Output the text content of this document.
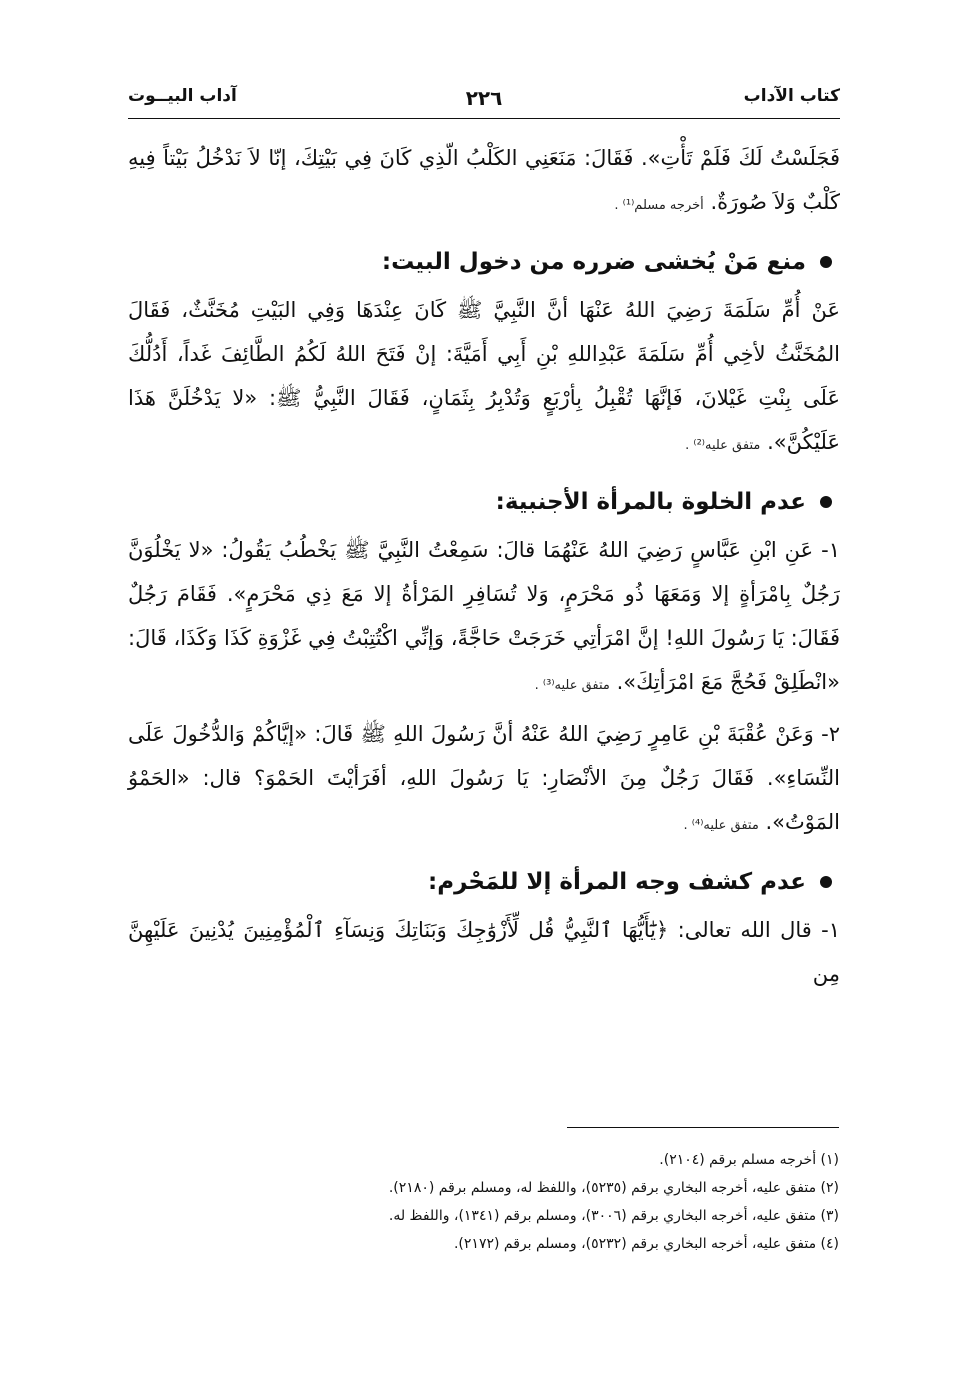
كتاب الآداب
٢٢٦
آداب البيــوت

فَجَلَسْتُ لَكَ فَلَمْ تَأْتِ». فَقَالَ: مَنَعَنِي الكَلْبُ الّذِي كَانَ فِي بَيْتِكَ، إنّا لاَ نَدْخُلُ بَيْتاً فِيهِ كَلْبٌ وَلاَ صُورَةٌ. أخرجه مسلم⁽¹⁾ .

منع مَنْ يُخشى ضرره من دخول البيت:

عَنْ أُمِّ سَلَمَةَ رَضِيَ اللهُ عَنْهَا أنَّ النَّبِيَّ ﷺ كَانَ عِنْدَهَا وَفِي البَيْتِ مُخَنَّثٌ، فَقَالَ المُخَنَّثُ لأخِي أُمِّ سَلَمَةَ عَبْدِاللهِ بْنِ أَبِي أَمَيَّةَ: إنْ فَتَحَ اللهُ لَكُمُ الطَّائِفَ غَداً، أَدُلُّكَ عَلَى بِنْتِ غَيْلانَ، فَإنَّهَا تُقْبِلُ بِأرْبَعٍ وَتُدْبِرُ بِثَمَانٍ، فَقَالَ النَّبِيُّ ﷺ: «لا يَدْخُلَنَّ هَذَا عَلَيْكُنَّ». متفق عليه⁽²⁾ .

عدم الخلوة بالمرأة الأجنبية:

١- عَنِ ابْنِ عَبَّاسٍ رَضِيَ اللهُ عَنْهُمَا قالَ: سَمِعْتُ النَّبِيَّ ﷺ يَخْطُبُ يَقُولُ: «لا يَخْلُوَنَّ رَجُلٌ بِامْرَأةٍ إلا وَمَعَهَا ذُو مَحْرَمٍ، وَلا تُسَافِرِ المَرْأةُ إلا مَعَ ذِي مَحْرَمٍ». فَقَامَ رَجُلٌ فَقَالَ: يَا رَسُولَ اللهِ! إنَّ امْرَأتِي خَرَجَتْ حَاجَّةً، وَإنِّي اكْتُتِبْتُ فِي غَزْوَةِ كَذَا وَكَذَا، قَالَ: «انْطَلِقْ فَحُجَّ مَعَ امْرَأتِكَ». متفق عليه⁽³⁾ .

٢- وَعَنْ عُقْبَةَ بْنِ عَامِرٍ رَضِيَ اللهُ عَنْهُ أنَّ رَسُولَ اللهِ ﷺ قَالَ: «إيَّاكُمْ وَالدُّخُولَ عَلَى النِّسَاءِ». فَقَالَ رَجُلٌ مِنَ الأنْصَارِ: يَا رَسُولَ اللهِ، أفَرَأيْتَ الحَمْوَ؟ قال: «الحَمْوُ المَوْتُ». متفق عليه⁽⁴⁾ .

عدم كشف وجه المرأة إلا للمَحْرم:

١- قال الله تعالى: ﴿يَٰٓأَيُّهَا ٱلنَّبِيُّ قُل لِّأَزْوَٰجِكَ وَبَنَاتِكَ وَنِسَآءِ ٱلْمُؤْمِنِينَ يُدْنِينَ عَلَيْهِنَّ مِن

(١) أخرجه مسلم برقم (٢١٠٤).
(٢) متفق عليه، أخرجه البخاري برقم (٥٢٣٥)، واللفظ له، ومسلم برقم (٢١٨٠).
(٣) متفق عليه، أخرجه البخاري برقم (٣٠٠٦)، ومسلم برقم (١٣٤١)، واللفظ له.
(٤) متفق عليه، أخرجه البخاري برقم (٥٢٣٢)، ومسلم برقم (٢١٧٢).
